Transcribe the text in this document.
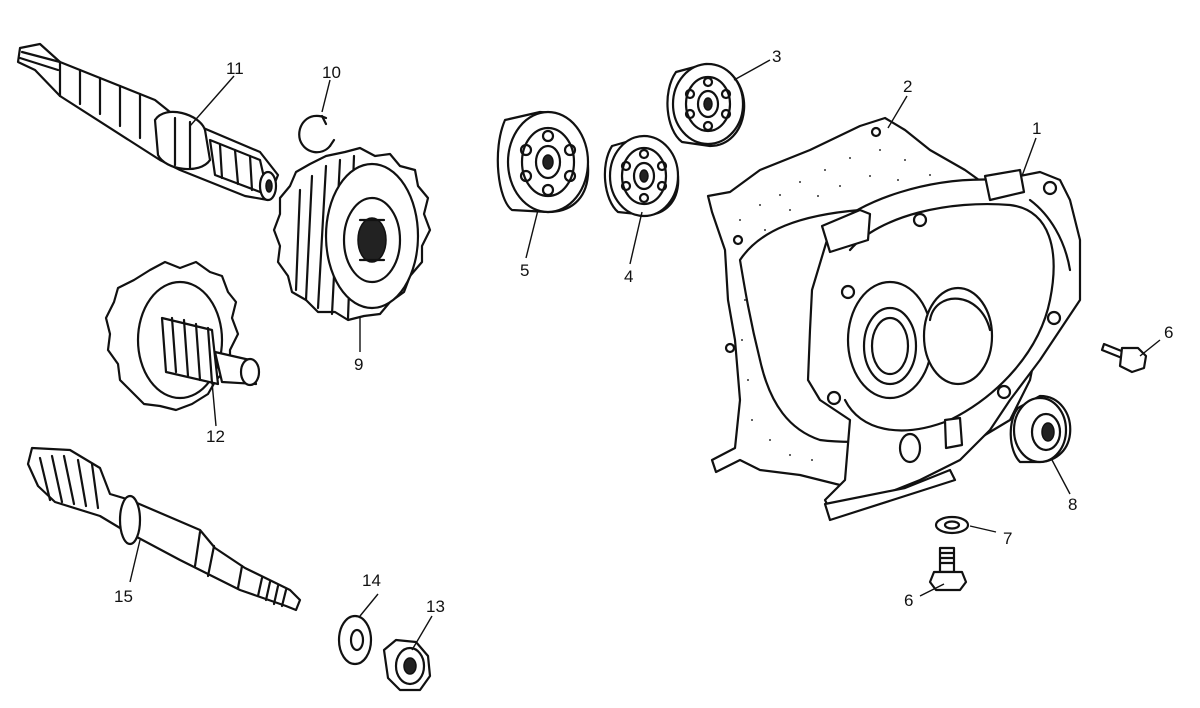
1
2
3
4
5
6
6
7
8
9
10
11
12
13
14
15
